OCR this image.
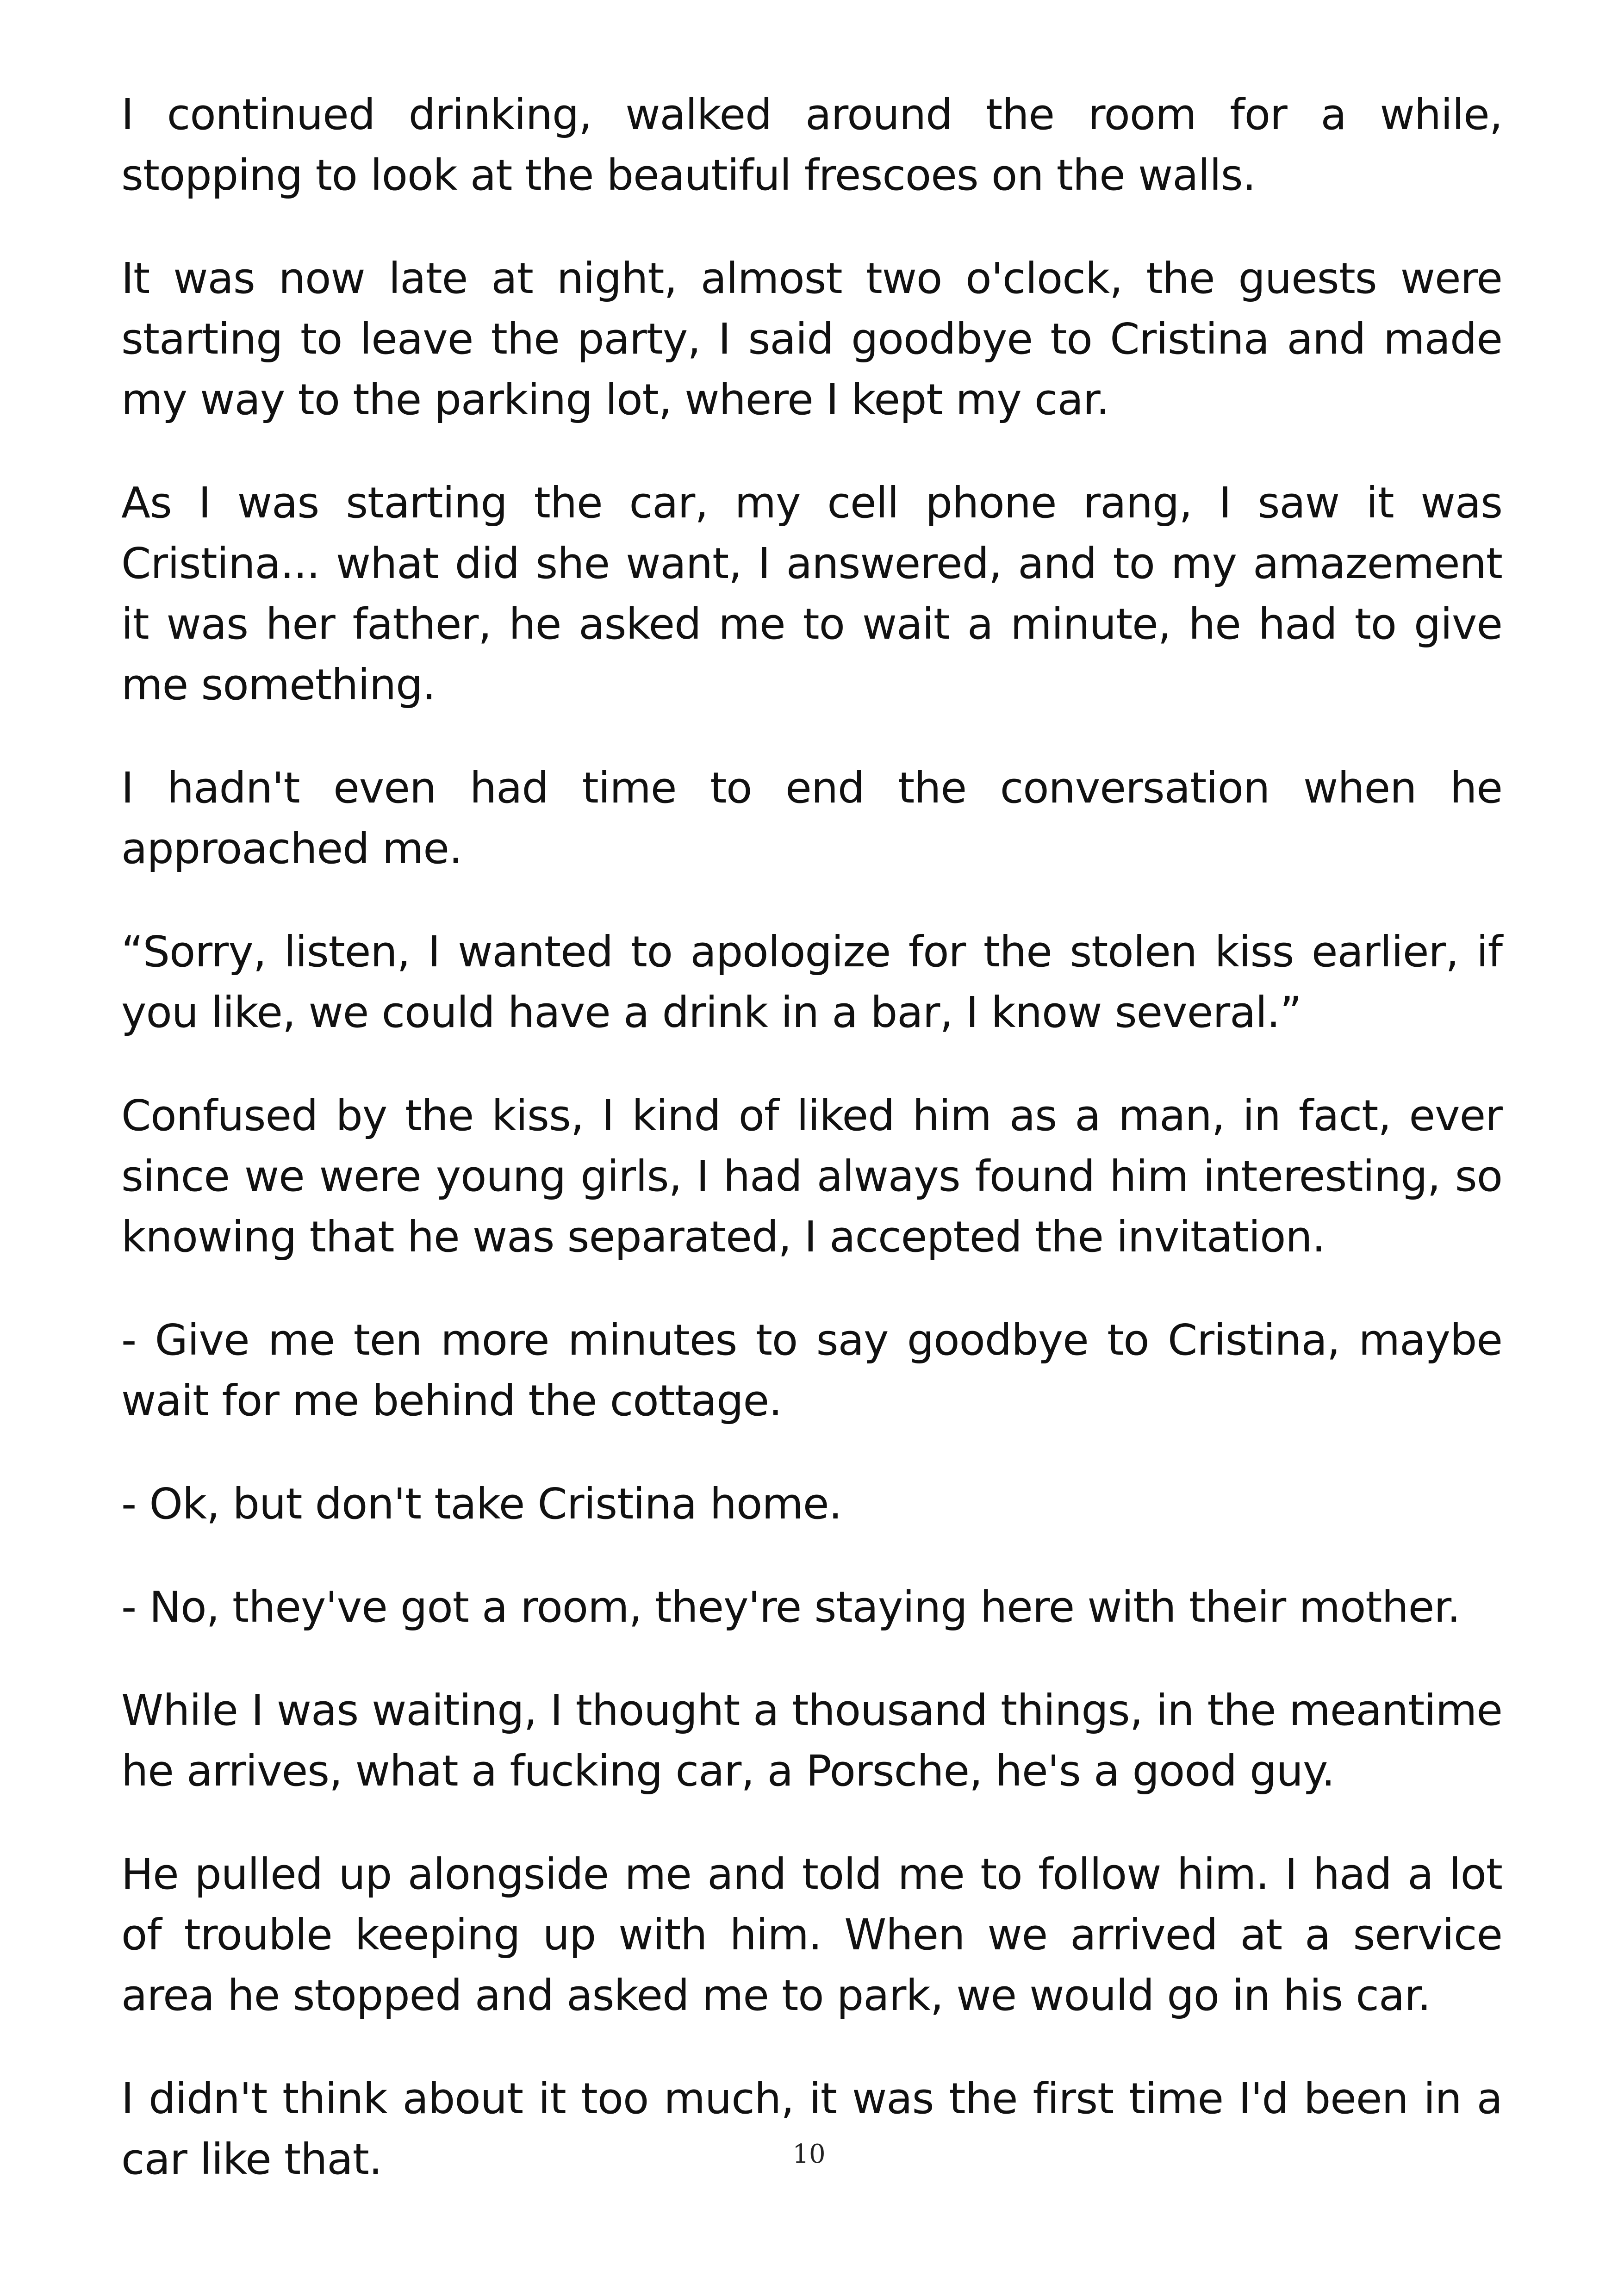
I continued drinking, walked around the room for a while, stopping to look at the beautiful frescoes on the walls.

It was now late at night, almost two o'clock, the guests were starting to leave the party, I said goodbye to Cristina and made my way to the parking lot, where I kept my car.

As I was starting the car, my cell phone rang, I saw it was Cristina... what did she want, I answered, and to my amazement it was her father, he asked me to wait a minute, he had to give me something.

I hadn't even had time to end the conversation when he approached me.

“Sorry, listen, I wanted to apologize for the stolen kiss earlier, if you like, we could have a drink in a bar, I know several.”

Confused by the kiss, I kind of liked him as a man, in fact, ever since we were young girls, I had always found him interesting, so knowing that he was separated, I accepted the invitation.

- Give me ten more minutes to say goodbye to Cristina, maybe wait for me behind the cottage.

- Ok, but don't take Cristina home.

- No, they've got a room, they're staying here with their mother.

While I was waiting, I thought a thousand things, in the meantime he arrives, what a fucking car, a Porsche, he's a good guy.

He pulled up alongside me and told me to follow him. I had a lot of trouble keeping up with him. When we arrived at a service area he stopped and asked me to park, we would go in his car.

I didn't think about it too much, it was the first time I'd been in a car like that.	10
